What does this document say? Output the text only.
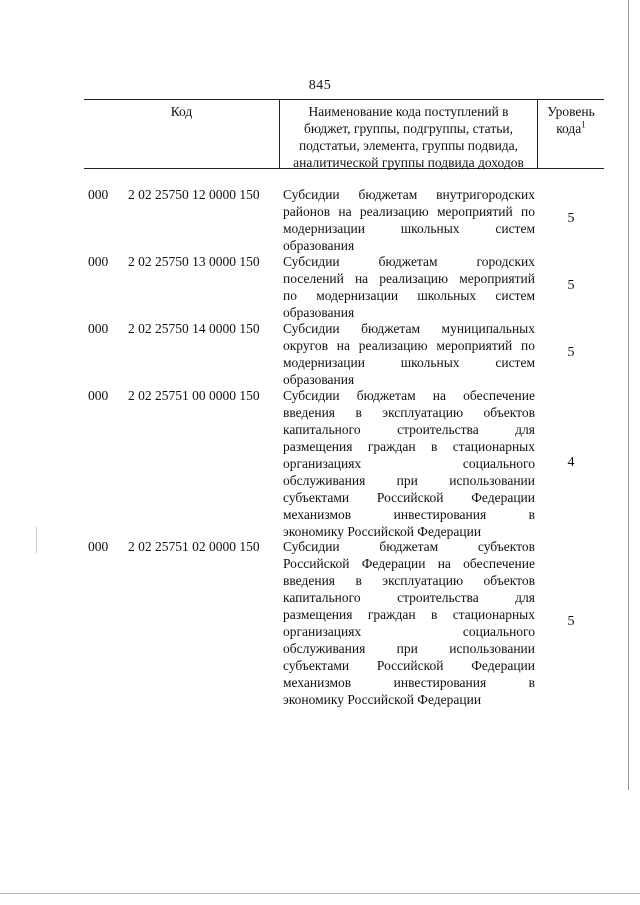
845
Код	Наименование кода поступлений в
бюджет, группы, подгруппы, статьи,
подстатьи, элемента, группы подвида,
аналитической группы подвида доходов
Уровень
кода$^1$
000 2 02 25750 12 0000 150 Субсидии бюджетам внутригородских
районов на реализацию мероприятий по
модернизации школьных систем
образования
5
000 2 02 25750 13 0000 150 Субсидии бюджетам городских
поселений на реализацию мероприятий
по модернизации школьных систем
образования
5
000 2 02 25750 14 0000 150 Субсидии бюджетам муниципальных
округов на реализацию мероприятий по
модернизации школьных систем
образования
5
000 2 02 25751 00 0000 150 Субсидии бюджетам на обеспечение
введения в эксплуатацию объектов
капитального строительства для
размещения граждан в стационарных
организациях социального
обслуживания при использовании
субъектами Российской Федерации
механизмов инвестирования в
экономику Российской Федерации
4
000 2 02 25751 02 0000 150 Субсидии бюджетам субъектов
Российской Федерации на обеспечение
введения в эксплуатацию объектов
капитального строительства для
размещения граждан в стационарных
организациях социального
обслуживания при использовании
субъектами Российской Федерации
механизмов инвестирования в
экономику Российской Федерации
5
